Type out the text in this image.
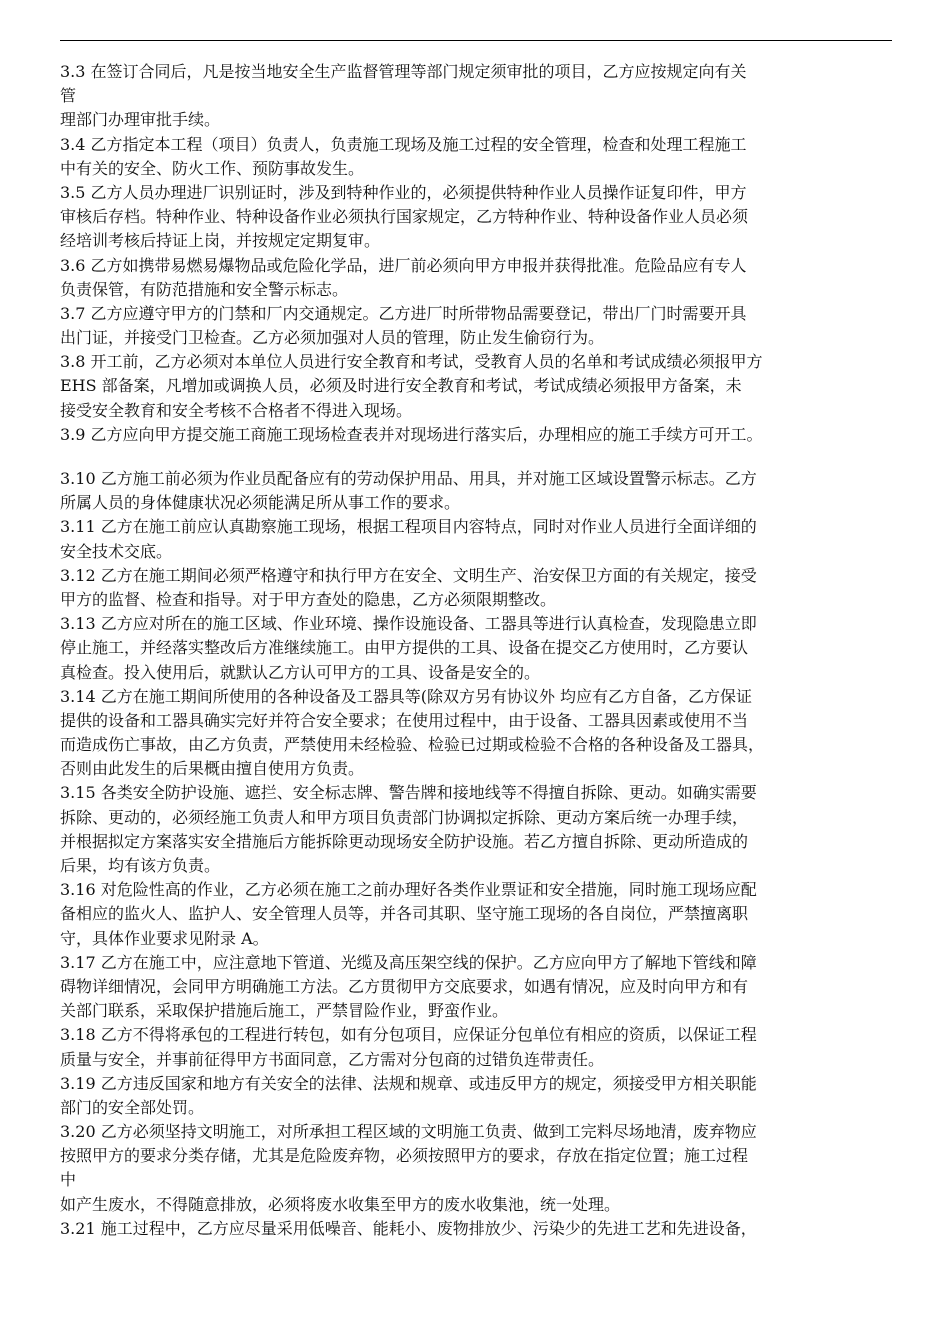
3.3 在签订合同后，凡是按当地安全生产监督管理等部门规定须审批的项目，乙方应按规定向有关
管
理部门办理审批手续。
3.4 乙方指定本工程（项目）负责人，负责施工现场及施工过程的安全管理，检查和处理工程施工
中有关的安全、防火工作、预防事故发生。
3.5 乙方人员办理进厂识别证时，涉及到特种作业的，必须提供特种作业人员操作证复印件，甲方
审核后存档。特种作业、特种设备作业必须执行国家规定，乙方特种作业、特种设备作业人员必须
经培训考核后持证上岗，并按规定定期复审。
3.6 乙方如携带易燃易爆物品或危险化学品，进厂前必须向甲方申报并获得批准。危险品应有专人
负责保管，有防范措施和安全警示标志。
3.7 乙方应遵守甲方的门禁和厂内交通规定。乙方进厂时所带物品需要登记，带出厂门时需要开具
出门证，并接受门卫检查。乙方必须加强对人员的管理，防止发生偷窃行为。
3.8 开工前，乙方必须对本单位人员进行安全教育和考试，受教育人员的名单和考试成绩必须报甲方
EHS 部备案，凡增加或调换人员，必须及时进行安全教育和考试，考试成绩必须报甲方备案，未
接受安全教育和安全考核不合格者不得进入现场。
3.9 乙方应向甲方提交施工商施工现场检查表并对现场进行落实后，办理相应的施工手续方可开工。
3.10 乙方施工前必须为作业员配备应有的劳动保护用品、用具，并对施工区域设置警示标志。乙方
所属人员的身体健康状况必须能满足所从事工作的要求。
3.11 乙方在施工前应认真勘察施工现场，根据工程项目内容特点，同时对作业人员进行全面详细的
安全技术交底。
3.12 乙方在施工期间必须严格遵守和执行甲方在安全、文明生产、治安保卫方面的有关规定，接受
甲方的监督、检查和指导。对于甲方查处的隐患，乙方必须限期整改。
3.13 乙方应对所在的施工区域、作业环境、操作设施设备、工器具等进行认真检查，发现隐患立即
停止施工，并经落实整改后方准继续施工。由甲方提供的工具、设备在提交乙方使用时，乙方要认
真检查。投入使用后，就默认乙方认可甲方的工具、设备是安全的。
3.14 乙方在施工期间所使用的各种设备及工器具等(除双方另有协议外 均应有乙方自备，乙方保证
提供的设备和工器具确实完好并符合安全要求；在使用过程中，由于设备、工器具因素或使用不当
而造成伤亡事故，由乙方负责，严禁使用未经检验、检验已过期或检验不合格的各种设备及工器具，
否则由此发生的后果概由擅自使用方负责。
3.15 各类安全防护设施、遮拦、安全标志牌、警告牌和接地线等不得擅自拆除、更动。如确实需要
拆除、更动的，必须经施工负责人和甲方项目负责部门协调拟定拆除、更动方案后统一办理手续，
并根据拟定方案落实安全措施后方能拆除更动现场安全防护设施。若乙方擅自拆除、更动所造成的
后果，均有该方负责。
3.16 对危险性高的作业，乙方必须在施工之前办理好各类作业票证和安全措施，同时施工现场应配
备相应的监火人、监护人、安全管理人员等，并各司其职、坚守施工现场的各自岗位，严禁擅离职
守，具体作业要求见附录 A。
3.17 乙方在施工中，应注意地下管道、光缆及高压架空线的保护。乙方应向甲方了解地下管线和障
碍物详细情况，会同甲方明确施工方法。乙方贯彻甲方交底要求，如遇有情况，应及时向甲方和有
关部门联系，采取保护措施后施工，严禁冒险作业，野蛮作业。
3.18 乙方不得将承包的工程进行转包，如有分包项目，应保证分包单位有相应的资质，以保证工程
质量与安全，并事前征得甲方书面同意，乙方需对分包商的过错负连带责任。
3.19 乙方违反国家和地方有关安全的法律、法规和规章、或违反甲方的规定，须接受甲方相关职能
部门的安全部处罚。
3.20 乙方必须坚持文明施工，对所承担工程区域的文明施工负责、做到工完料尽场地清，废弃物应
按照甲方的要求分类存储，尤其是危险废弃物，必须按照甲方的要求，存放在指定位置；施工过程
中
如产生废水，不得随意排放，必须将废水收集至甲方的废水收集池，统一处理。
3.21 施工过程中，乙方应尽量采用低噪音、能耗小、废物排放少、污染少的先进工艺和先进设备，
